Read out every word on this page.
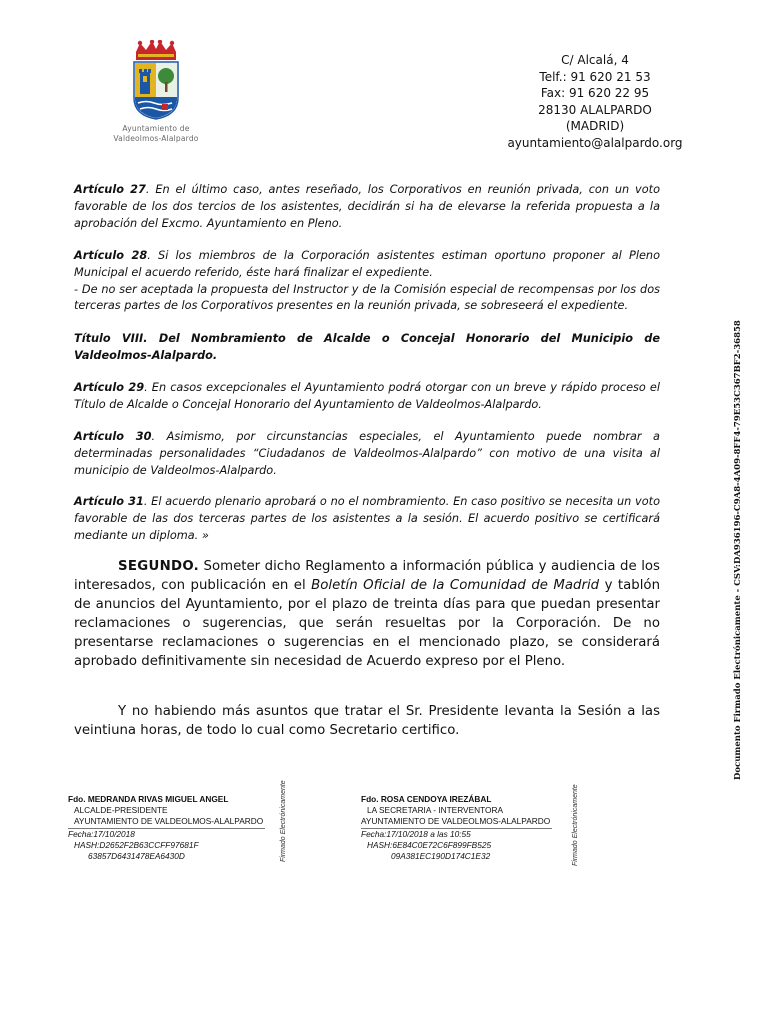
Ayuntamiento de
Valdeolmos-Alalpardo
C/ Alcalá, 4
Telf.: 91 620 21 53
Fax: 91 620 22 95
28130 ALALPARDO
(MADRID)
ayuntamiento@alalpardo.org
Artículo 27. En el último caso, antes reseñado, los Corporativos en reunión privada, con un voto favorable de los dos tercios de los asistentes, decidirán si ha de elevarse la referida propuesta a la aprobación del Excmo. Ayuntamiento en Pleno.
Artículo 28. Si los miembros de la Corporación asistentes estiman oportuno proponer al Pleno Municipal el acuerdo referido, éste hará finalizar el expediente.
- De no ser aceptada la propuesta del Instructor y de la Comisión especial de recompensas por los dos terceras partes de los Corporativos presentes en la reunión privada, se sobreseerá el expediente.
Título VIII. Del Nombramiento de Alcalde o Concejal Honorario del Municipio de Valdeolmos-Alalpardo.
Artículo 29. En casos excepcionales el Ayuntamiento podrá otorgar con un breve y rápido proceso el Título de Alcalde o Concejal Honorario del Ayuntamiento de Valdeolmos-Alalpardo.
Artículo 30. Asimismo, por circunstancias especiales, el Ayuntamiento puede nombrar a determinadas personalidades “Ciudadanos de Valdeolmos-Alalpardo” con motivo de una visita al municipio de Valdeolmos-Alalpardo.
Artículo 31. El acuerdo plenario aprobará o no el nombramiento. En caso positivo se necesita un voto favorable de las dos terceras partes de los asistentes a la sesión. El acuerdo positivo se certificará mediante un diploma. »
SEGUNDO. Someter dicho Reglamento a información pública y audiencia de los interesados, con publicación en el Boletín Oficial de la Comunidad de Madrid y tablón de anuncios del Ayuntamiento, por el plazo de treinta días para que puedan presentar reclamaciones o sugerencias, que serán resueltas por la Corporación. De no presentarse reclamaciones o sugerencias en el mencionado plazo, se considerará aprobado definitivamente sin necesidad de Acuerdo expreso por el Pleno.
Y no habiendo más asuntos que tratar el Sr. Presidente levanta la Sesión a las veintiuna horas, de todo lo cual como Secretario certifico.	Documento Firmado Electrónicamente - CSV:DA936196-C9A8-4A09-8FF4-79E53C367BF2-36858
Fdo. MEDRANDA RIVAS MIGUEL ANGEL
ALCALDE-PRESIDENTE
AYUNTAMIENTO DE VALDEOLMOS-ALALPARDO
Fecha:17/10/2018
HASH:D2652F2B63CCFF97681F
63857D6431478EA6430D	Firmado Electrónicamente	Fdo. ROSA CENDOYA IREZÁBAL
LA SECRETARIA - INTERVENTORA
AYUNTAMIENTO DE VALDEOLMOS-ALALPARDO
Fecha:17/10/2018 a las 10:55
HASH:6E84C0E72C6F899FB525
09A381EC190D174C1E32	Firmado Electrónicamente
